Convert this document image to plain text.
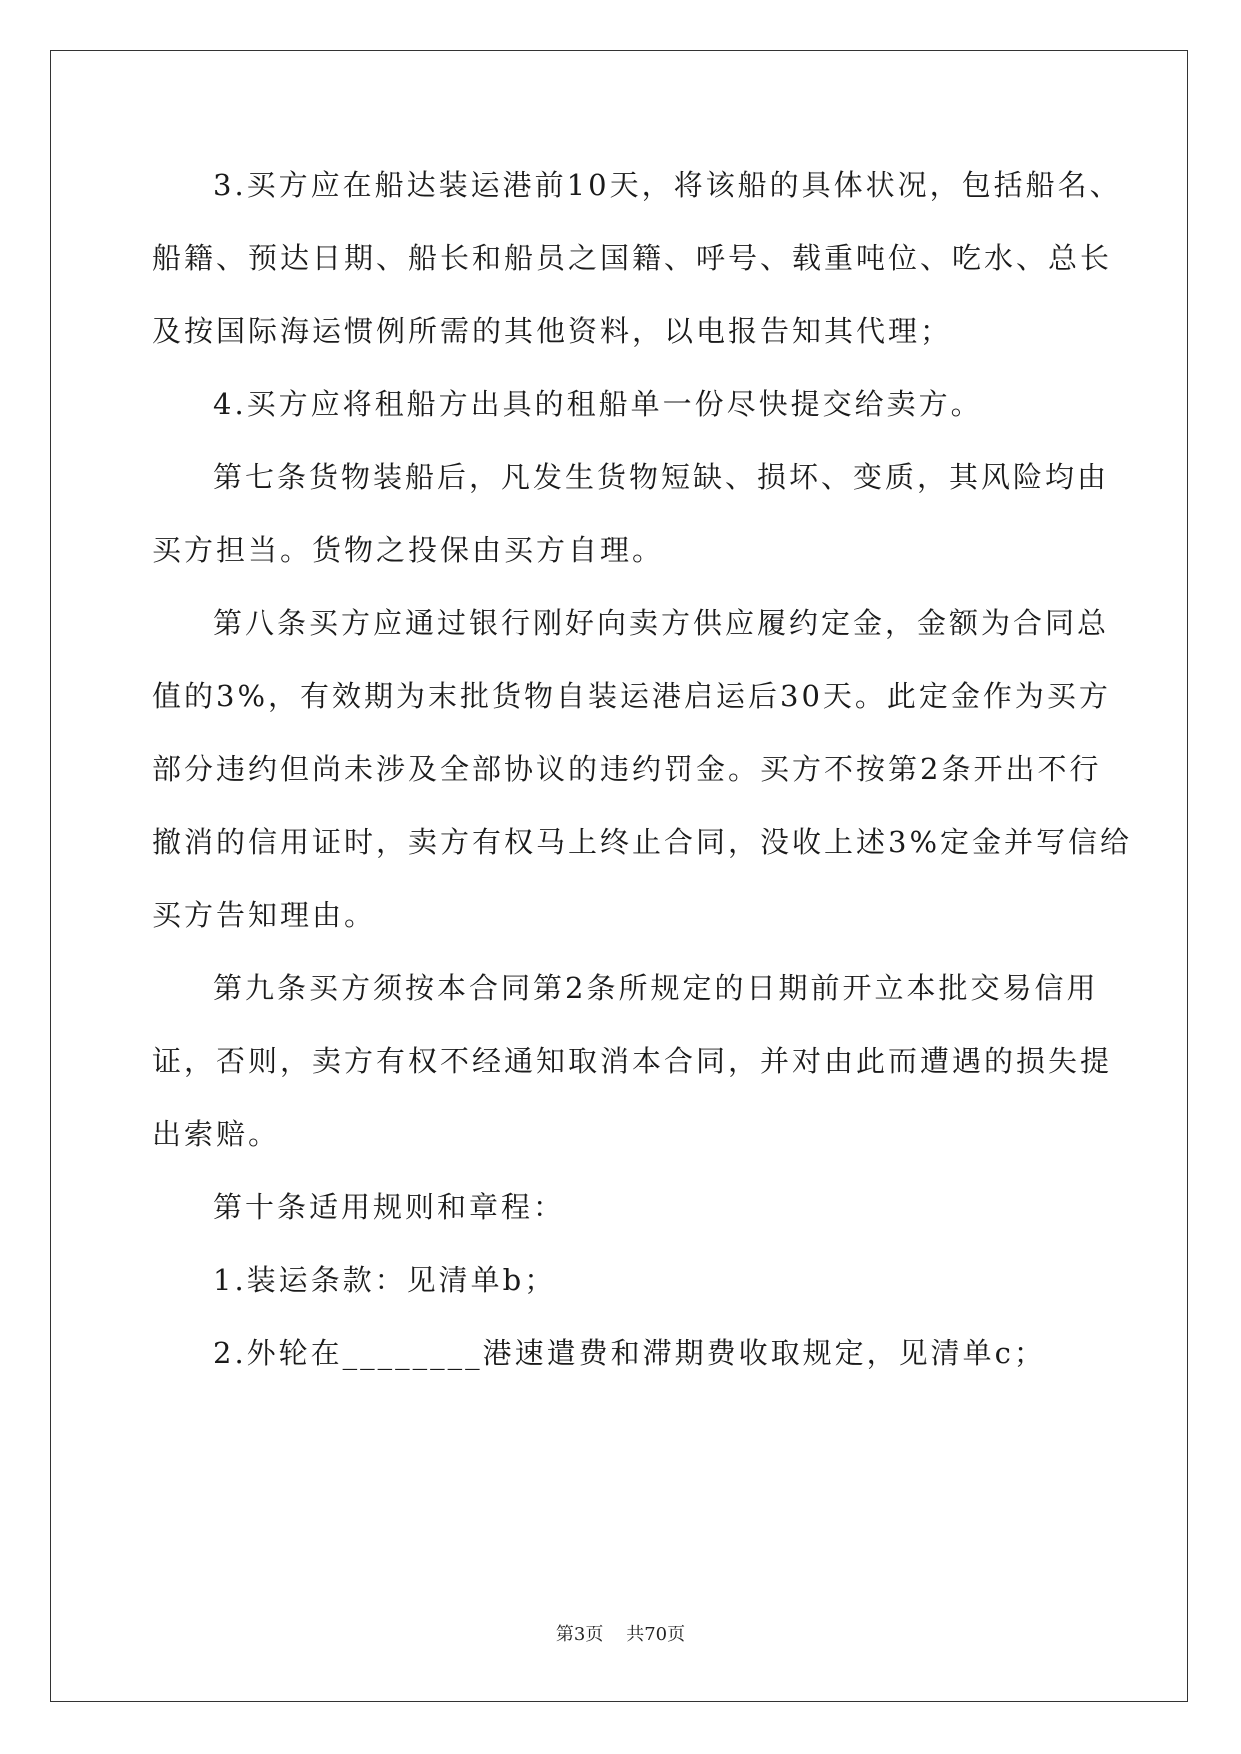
3.买方应在船达装运港前10天，将该船的具体状况，包括船名、
船籍、预达日期、船长和船员之国籍、呼号、载重吨位、吃水、总长
及按国际海运惯例所需的其他资料，以电报告知其代理；
4.买方应将租船方出具的租船单一份尽快提交给卖方。
第七条货物装船后，凡发生货物短缺、损坏、变质，其风险均由
买方担当。货物之投保由买方自理。
第八条买方应通过银行刚好向卖方供应履约定金，金额为合同总
值的3%，有效期为末批货物自装运港启运后30天。此定金作为买方
部分违约但尚未涉及全部协议的违约罚金。买方不按第2条开出不行
撤消的信用证时，卖方有权马上终止合同，没收上述3%定金并写信给
买方告知理由。
第九条买方须按本合同第2条所规定的日期前开立本批交易信用
证，否则，卖方有权不经通知取消本合同，并对由此而遭遇的损失提
出索赔。
第十条适用规则和章程：
1.装运条款：见清单b；
2.外轮在________港速遣费和滞期费收取规定，见清单c；
第3页    共70页
